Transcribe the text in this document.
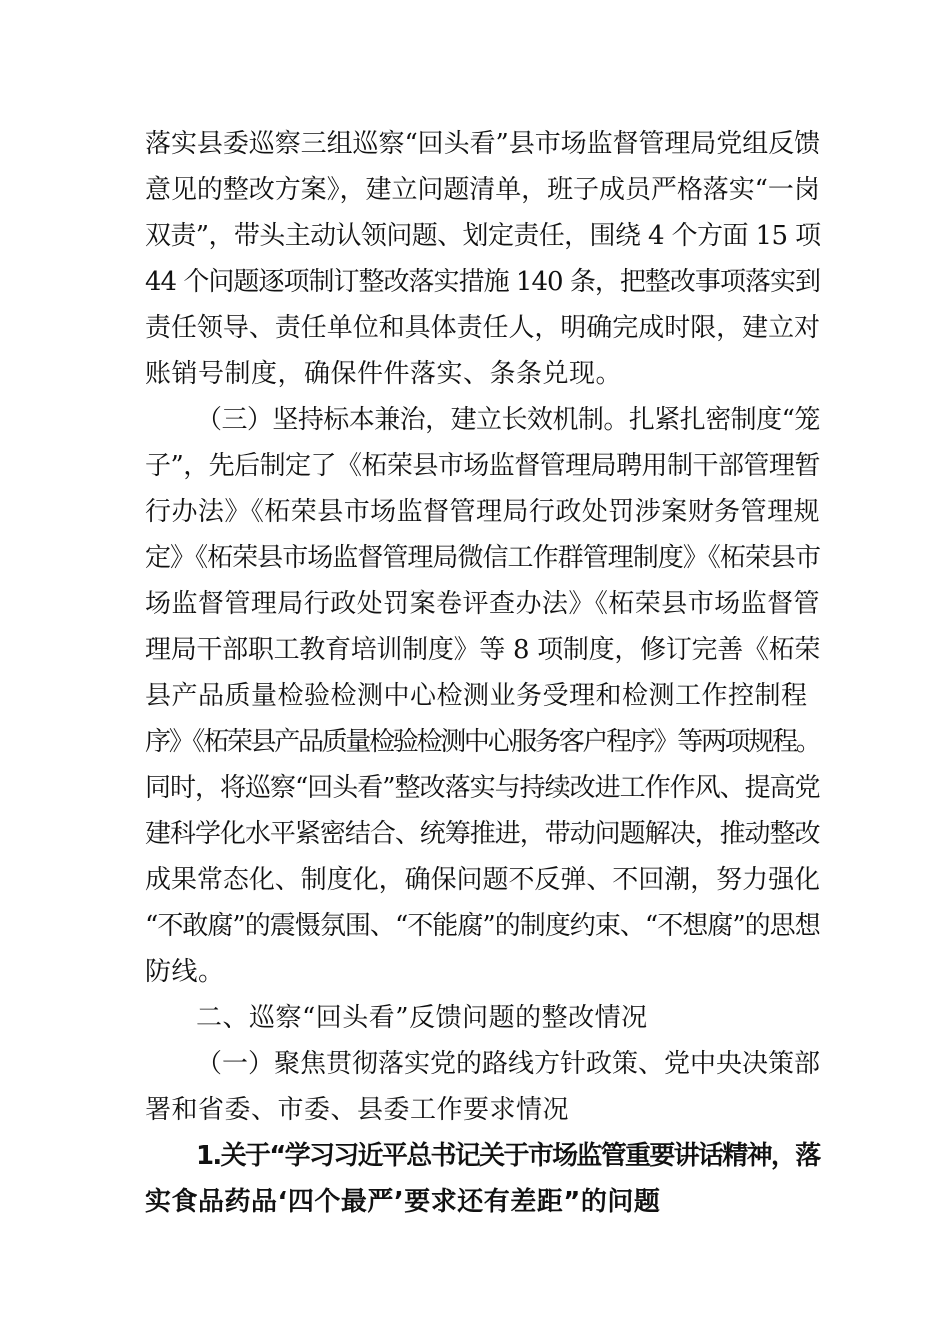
落实县委巡察三组巡察“回头看”县市场监督管理局党组反馈
意见的整改方案》，建立问题清单，班子成员严格落实“一岗
双责”，带头主动认领问题、划定责任，围绕 4 个方面 15 项
44 个问题逐项制订整改落实措施 140 条，把整改事项落实到
责任领导、责任单位和具体责任人，明确完成时限，建立对
账销号制度，确保件件落实、条条兑现。
（三）坚持标本兼治，建立长效机制。扎紧扎密制度“笼
子”，先后制定了《柘荣县市场监督管理局聘用制干部管理暂
行办法》《柘荣县市场监督管理局行政处罚涉案财务管理规
定》《柘荣县市场监督管理局微信工作群管理制度》《柘荣县市
场监督管理局行政处罚案卷评查办法》《柘荣县市场监督管
理局干部职工教育培训制度》等 8 项制度，修订完善《柘荣
县产品质量检验检测中心检测业务受理和检测工作控制程
序》《柘荣县产品质量检验检测中心服务客户程序》等两项规程。
同时，将巡察“回头看”整改落实与持续改进工作作风、提高党
建科学化水平紧密结合、统筹推进，带动问题解决，推动整改
成果常态化、制度化，确保问题不反弹、不回潮，努力强化
“不敢腐”的震慑氛围、“不能腐”的制度约束、“不想腐”的思想
防线。
二、巡察“回头看”反馈问题的整改情况
（一）聚焦贯彻落实党的路线方针政策、党中央决策部
署和省委、市委、县委工作要求情况
1.关于“学习习近平总书记关于市场监管重要讲话精神，落
实食品药品‘四个最严’要求还有差距”的问题
